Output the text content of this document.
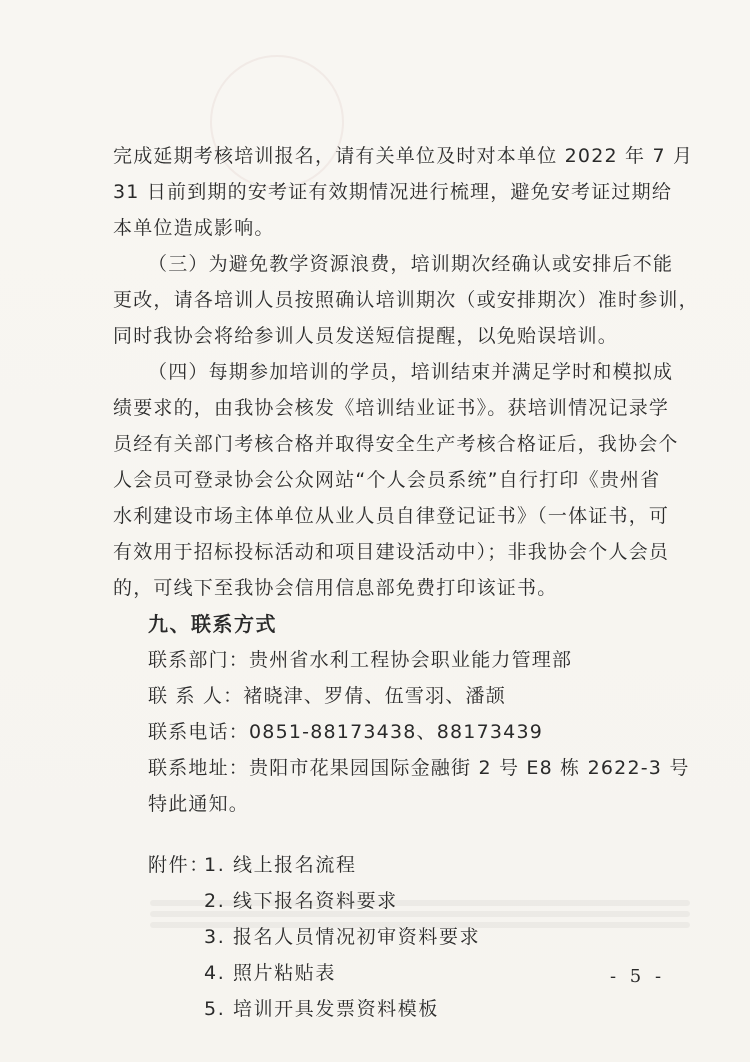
完成延期考核培训报名，请有关单位及时对本单位 2022 年 7 月
31 日前到期的安考证有效期情况进行梳理，避免安考证过期给
本单位造成影响。
（三）为避免教学资源浪费，培训期次经确认或安排后不能
更改，请各培训人员按照确认培训期次（或安排期次）准时参训，
同时我协会将给参训人员发送短信提醒，以免贻误培训。
（四）每期参加培训的学员，培训结束并满足学时和模拟成
绩要求的，由我协会核发《培训结业证书》。获培训情况记录学
员经有关部门考核合格并取得安全生产考核合格证后，我协会个
人会员可登录协会公众网站“个人会员系统”自行打印《贵州省
水利建设市场主体单位从业人员自律登记证书》（一体证书，可
有效用于招标投标活动和项目建设活动中）；非我协会个人会员
的，可线下至我协会信用信息部免费打印该证书。
九、联系方式
联系部门：贵州省水利工程协会职业能力管理部
联 系 人：褚晓津、罗倩、伍雪羽、潘颉
联系电话：0851-88173438、88173439
联系地址：贵阳市花果园国际金融街 2 号 E8 栋 2622-3 号
特此通知。
附件：
1. 线上报名流程
2. 线下报名资料要求
3. 报名人员情况初审资料要求
4. 照片粘贴表
5. 培训开具发票资料模板
- 5 -
